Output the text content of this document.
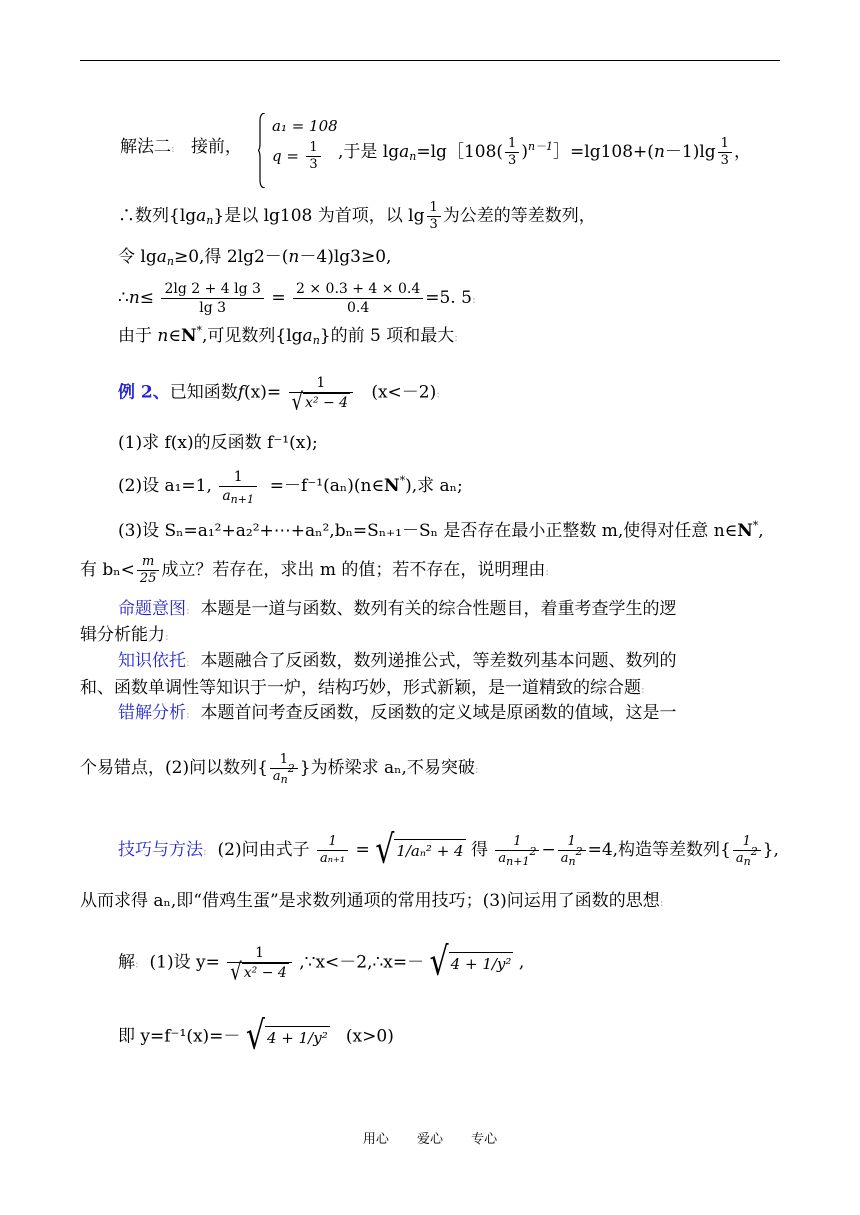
解法二: 接前，
a₁ = 108
$q = \frac{1}{3}$ ,于是 lga$_n$=lg［108( $\frac{1}{3}$ )$^{n-1}$］=lg108+(n－1)lg $\frac{1}{3}$ ，
∴数列{lga$_n$}是以 lg108 为首项，以 $\lg \frac{1}{3}$ 为公差的等差数列，
令 lga$_n$≥0,得 2lg2－(n－4)lg3≥0,
∴n≤ $\frac{2\lg 2 + 4 \lg 3}{\lg 3} = \frac{2 \times 0.3 + 4 \times 0.4}{0.4} =5$. 5:
由于 n∈N*,可见数列{lga$_n$}的前 5 项和最大:
例 2、已知函数$f(x)= \frac{1}{\text{√ x² − 4}} (x<-2)$:
(1)求 f(x)的反函数 f⁻¹(x);
(2)设 a₁=1, $\frac{1}{a_{n+1}}$ =－f⁻¹(aₙ)(n∈N*),求 aₙ;
(3)设 Sₙ=a₁²+a₂²+⋯+aₙ²,bₙ=Sₙ₊₁－Sₙ 是否存在最小正整数 m,使得对任意 n∈N*,
有 $b_n< \frac{m}{25}$ 成立？若存在，求出 m 的值；若不存在，说明理由:
命题意图: 本题是一道与函数、数列有关的综合性题目，着重考查学生的逻
辑分析能力:
知识依托: 本题融合了反函数，数列递推公式，等差数列基本问题、数列的
和、函数单调性等知识于一炉，结构巧妙，形式新颖，是一道精致的综合题:
错解分析: 本题首问考查反函数，反函数的定义域是原函数的值域，这是一
个易错点，(2)问以数列{ $\frac{1}{a_n^2}$ }为桥梁求 aₙ,不易突破:
技巧与方法: (2)问由式子 $\frac{1}{\text{aₙ₊₁}}$ = √ 1/aₙ² + 4 得 $\frac{1}{a_{n+1}^2} - \frac{1}{a_n^2} =4$,构造等差数列{ $\frac{1}{a_n^2}$ },
从而求得 aₙ,即“借鸡生蛋”是求数列通项的常用技巧；(3)问运用了函数的思想:
解: (1)设 $y= \frac{1}{\text{√ x² − 4}}$ ,∵x<－2,∴x=－ √ 4 + 1/y² ,
即 y=f⁻¹(x)=－ √ 4 + 1/y² (x>0)
用心 爱心 专心
